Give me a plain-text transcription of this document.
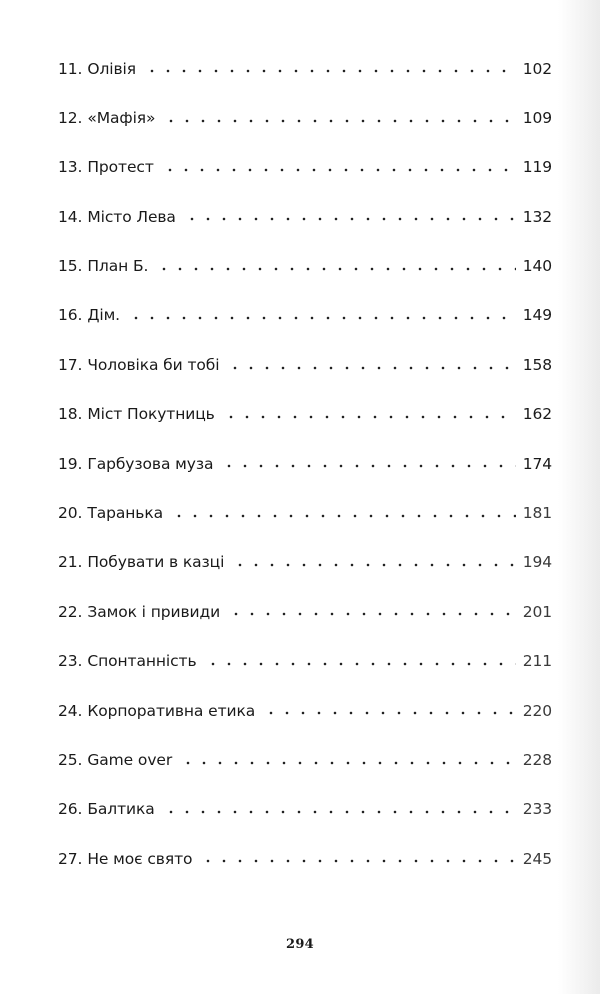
11. Олівія	102
12. «Мафія»	109
13. Протест	119
14. Місто Лева	132
15. План Б.	140
16. Дім.	149
17. Чоловіка би тобі	158
18. Міст Покутниць	162
19. Гарбузова муза	174
20. Таранька	181
21. Побувати в казці	194
22. Замок і привиди	201
23. Спонтанність	211
24. Корпоративна етика	220
25. Game over	228
26. Балтика	233
27. Не моє свято	245
294
